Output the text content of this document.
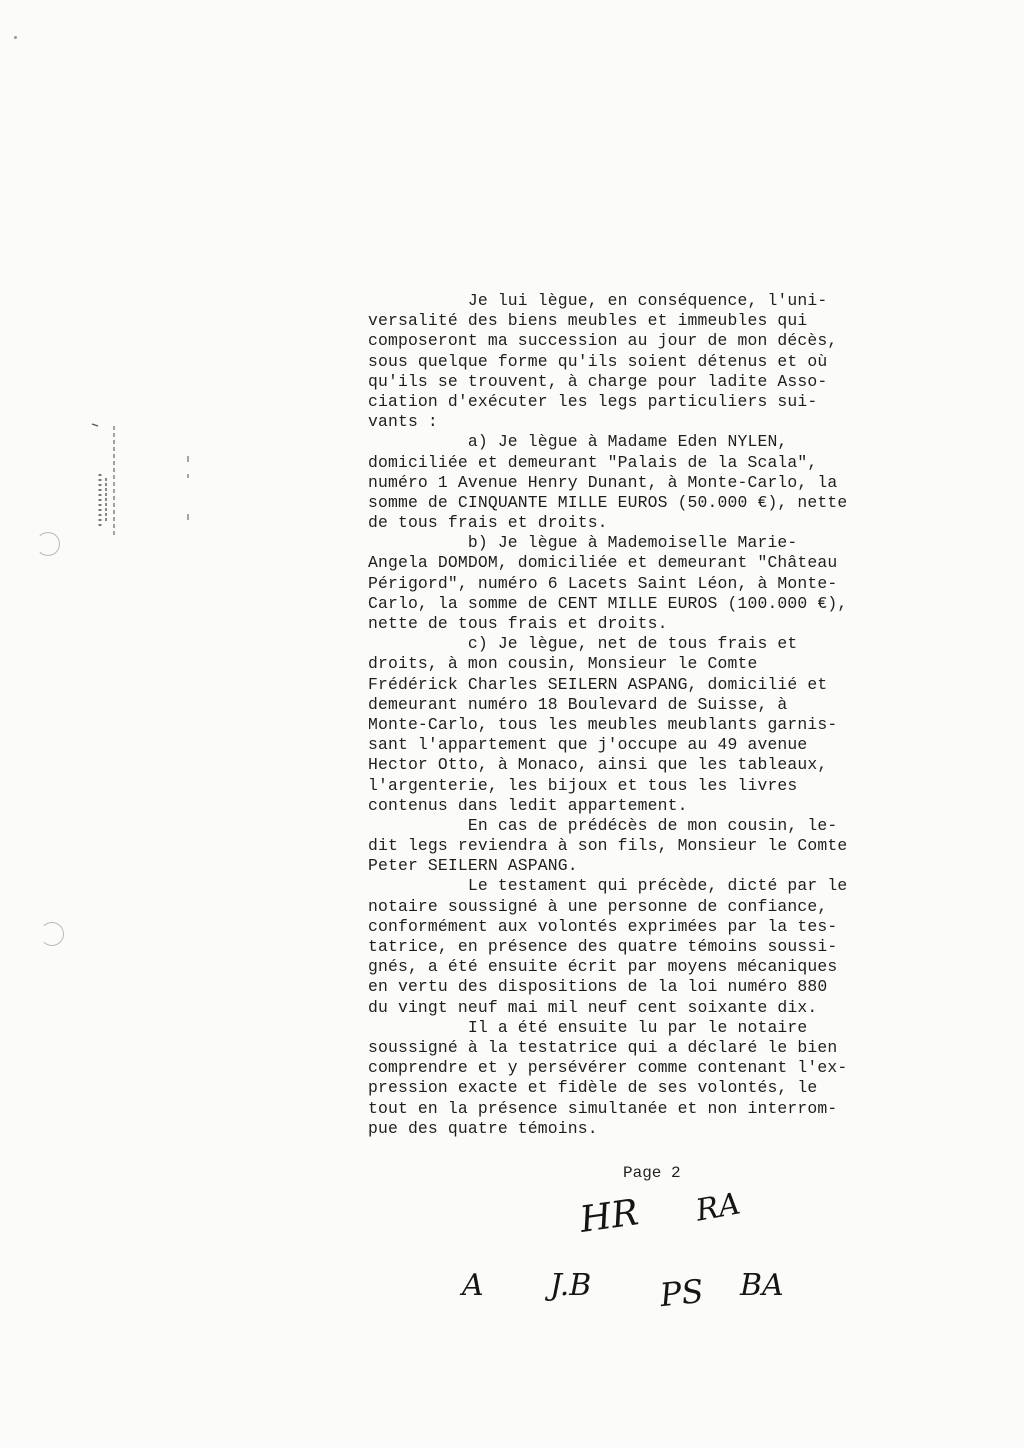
Je lui lègue, en conséquence, l'uni-
versalité des biens meubles et immeubles qui
composeront ma succession au jour de mon décès,
sous quelque forme qu'ils soient détenus et où
qu'ils se trouvent, à charge pour ladite Asso-
ciation d'exécuter les legs particuliers sui-
vants :
a) Je lègue à Madame Eden NYLEN,
domiciliée et demeurant "Palais de la Scala",
numéro 1 Avenue Henry Dunant, à Monte-Carlo, la
somme de CINQUANTE MILLE EUROS (50.000 €), nette
de tous frais et droits.
b) Je lègue à Mademoiselle Marie-
Angela DOMDOM, domiciliée et demeurant "Château
Périgord", numéro 6 Lacets Saint Léon, à Monte-
Carlo, la somme de CENT MILLE EUROS (100.000 €),
nette de tous frais et droits.
c) Je lègue, net de tous frais et
droits, à mon cousin, Monsieur le Comte
Frédérick Charles SEILERN ASPANG, domicilié et
demeurant numéro 18 Boulevard de Suisse, à
Monte-Carlo, tous les meubles meublants garnis-
sant l'appartement que j'occupe au 49 avenue
Hector Otto, à Monaco, ainsi que les tableaux,
l'argenterie, les bijoux et tous les livres
contenus dans ledit appartement.
En cas de prédécès de mon cousin, le-
dit legs reviendra à son fils, Monsieur le Comte
Peter SEILERN ASPANG.
Le testament qui précède, dicté par le
notaire soussigné à une personne de confiance,
conformément aux volontés exprimées par la tes-
tatrice, en présence des quatre témoins soussi-
gnés, a été ensuite écrit par moyens mécaniques
en vertu des dispositions de la loi numéro 880
du vingt neuf mai mil neuf cent soixante dix.
Il a été ensuite lu par le notaire
soussigné à la testatrice qui a déclaré le bien
comprendre et y persévérer comme contenant l'ex-
pression exacte et fidèle de ses volontés, le
tout en la présence simultanée et non interrom-
pue des quatre témoins.
Page 2
HR RA
A J.B PS BA
